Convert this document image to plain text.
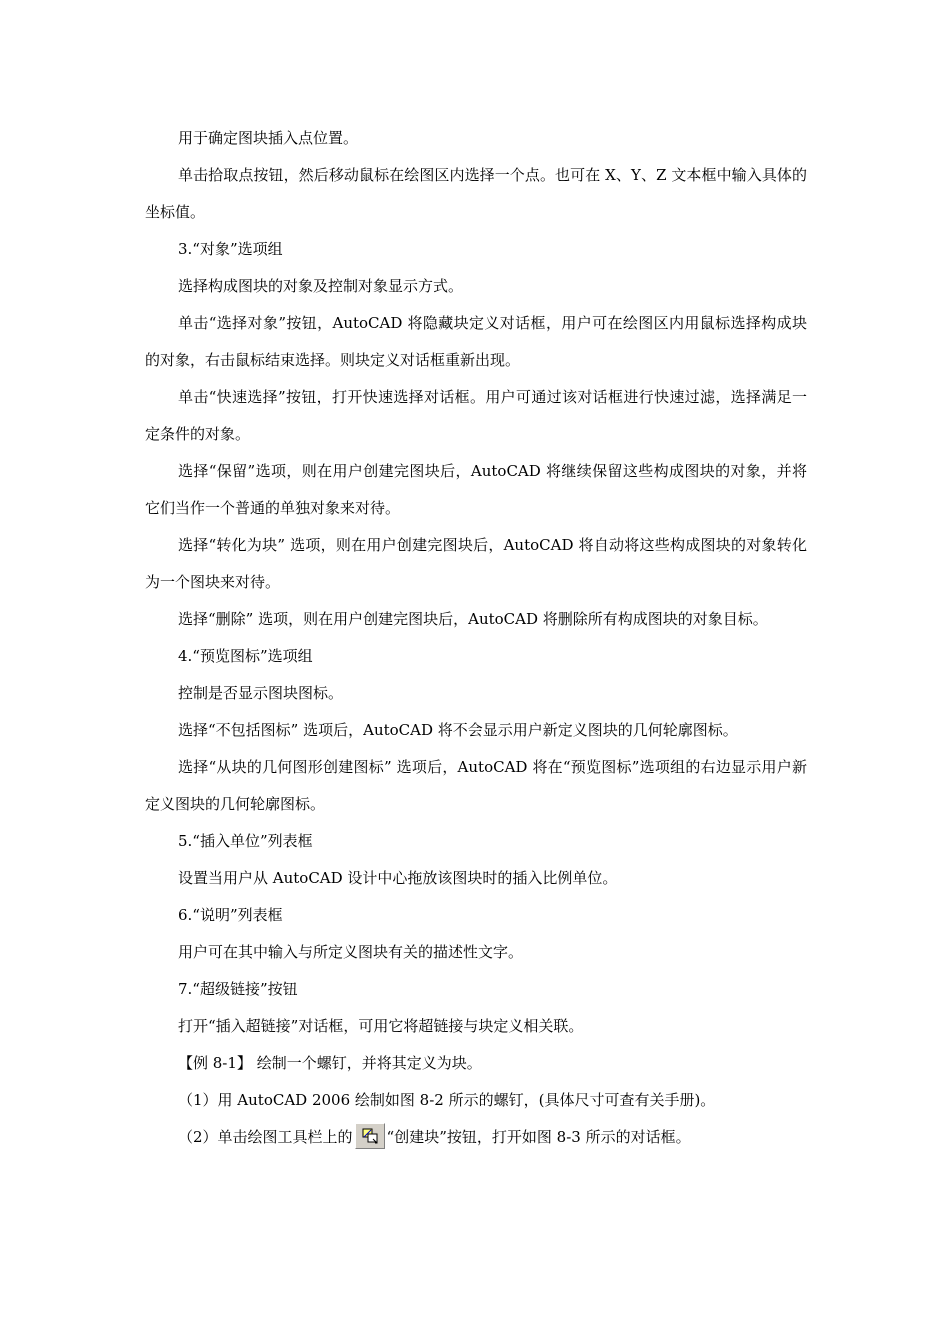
用于确定图块插入点位置。

单击拾取点按钮，然后移动鼠标在绘图区内选择一个点。也可在 X、Y、Z 文本框中输入具体的坐标值。

3.“对象”选项组

选择构成图块的对象及控制对象显示方式。

单击“选择对象”按钮，AutoCAD 将隐藏块定义对话框，用户可在绘图区内用鼠标选择构成块的对象，右击鼠标结束选择。则块定义对话框重新出现。

单击“快速选择”按钮，打开快速选择对话框。用户可通过该对话框进行快速过滤，选择满足一定条件的对象。

选择“保留”选项，则在用户创建完图块后，AutoCAD 将继续保留这些构成图块的对象，并将它们当作一个普通的单独对象来对待。

选择“转化为块” 选项，则在用户创建完图块后，AutoCAD 将自动将这些构成图块的对象转化为一个图块来对待。

选择“删除” 选项，则在用户创建完图块后，AutoCAD 将删除所有构成图块的对象目标。

4.“预览图标”选项组

控制是否显示图块图标。

选择“不包括图标” 选项后，AutoCAD 将不会显示用户新定义图块的几何轮廓图标。

选择“从块的几何图形创建图标” 选项后，AutoCAD 将在“预览图标”选项组的右边显示用户新定义图块的几何轮廓图标。

5.“插入单位”列表框

设置当用户从 AutoCAD 设计中心拖放该图块时的插入比例单位。

6.“说明”列表框

用户可在其中输入与所定义图块有关的描述性文字。

7.“超级链接”按钮

打开“插入超链接”对话框，可用它将超链接与块定义相关联。

【例 8-1】 绘制一个螺钉，并将其定义为块。

（1）用 AutoCAD 2006 绘制如图 8-2 所示的螺钉，(具体尺寸可查有关手册)。

（2）单击绘图工具栏上的 “创建块”按钮，打开如图 8-3 所示的对话框。
